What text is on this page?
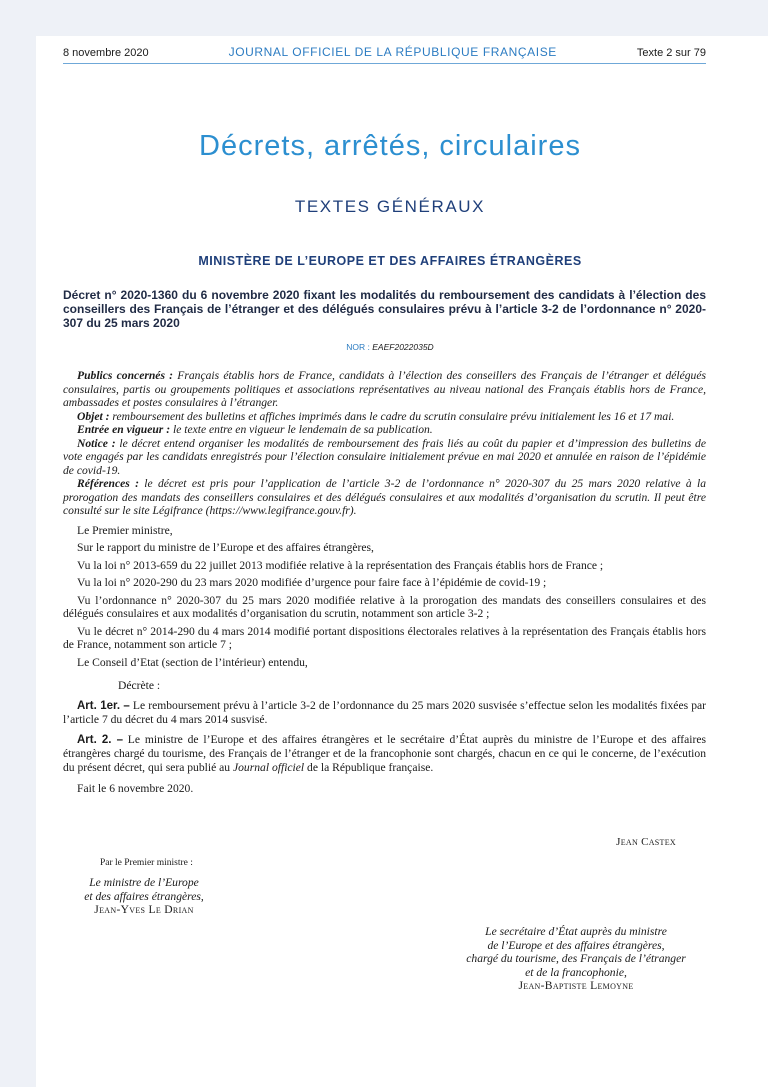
8 novembre 2020	JOURNAL OFFICIEL DE LA RÉPUBLIQUE FRANÇAISE	Texte 2 sur 79
Décrets, arrêtés, circulaires
TEXTES GÉNÉRAUX
MINISTÈRE DE L’EUROPE ET DES AFFAIRES ÉTRANGÈRES
Décret n° 2020-1360 du 6 novembre 2020 fixant les modalités du remboursement des candidats à l’élection des conseillers des Français de l’étranger et des délégués consulaires prévu à l’article 3-2 de l’ordonnance n° 2020-307 du 25 mars 2020
NOR : EAEF2022035D

Publics concernés : Français établis hors de France, candidats à l’élection des conseillers des Français de l’étranger et délégués consulaires, partis ou groupements politiques et associations représentatives au niveau national des Français établis hors de France, ambassades et postes consulaires à l’étranger.

Objet : remboursement des bulletins et affiches imprimés dans le cadre du scrutin consulaire prévu initialement les 16 et 17 mai.

Entrée en vigueur : le texte entre en vigueur le lendemain de sa publication.

Notice : le décret entend organiser les modalités de remboursement des frais liés au coût du papier et d’impression des bulletins de vote engagés par les candidats enregistrés pour l’élection consulaire initialement prévue en mai 2020 et annulée en raison de l’épidémie de covid-19.

Références : le décret est pris pour l’application de l’article 3-2 de l’ordonnance n° 2020-307 du 25 mars 2020 relative à la prorogation des mandats des conseillers consulaires et des délégués consulaires et aux modalités d’organisation du scrutin. Il peut être consulté sur le site Légifrance (https://www.legifrance.gouv.fr).

Le Premier ministre,

Sur le rapport du ministre de l’Europe et des affaires étrangères,

Vu la loi n° 2013-659 du 22 juillet 2013 modifiée relative à la représentation des Français établis hors de France ;

Vu la loi n° 2020-290 du 23 mars 2020 modifiée d’urgence pour faire face à l’épidémie de covid-19 ;

Vu l’ordonnance n° 2020-307 du 25 mars 2020 modifiée relative à la prorogation des mandats des conseillers consulaires et des délégués consulaires et aux modalités d’organisation du scrutin, notamment son article 3-2 ;

Vu le décret n° 2014-290 du 4 mars 2014 modifié portant dispositions électorales relatives à la représentation des Français établis hors de France, notamment son article 7 ;

Le Conseil d’Etat (section de l’intérieur) entendu,

Décrète :

Art. 1er. – Le remboursement prévu à l’article 3-2 de l’ordonnance du 25 mars 2020 susvisée s’effectue selon les modalités fixées par l’article 7 du décret du 4 mars 2014 susvisé.

Art. 2. – Le ministre de l’Europe et des affaires étrangères et le secrétaire d’État auprès du ministre de l’Europe et des affaires étrangères chargé du tourisme, des Français de l’étranger et de la francophonie sont chargés, chacun en ce qui le concerne, de l’exécution du présent décret, qui sera publié au Journal officiel de la République française.

Fait le 6 novembre 2020.

Jean Castex
Par le Premier ministre :
Le ministre de l’Europe
et des affaires étrangères,
Jean-Yves Le Drian
Le secrétaire d’État auprès du ministre
de l’Europe et des affaires étrangères,
chargé du tourisme, des Français de l’étranger
et de la francophonie,
Jean-Baptiste Lemoyne
